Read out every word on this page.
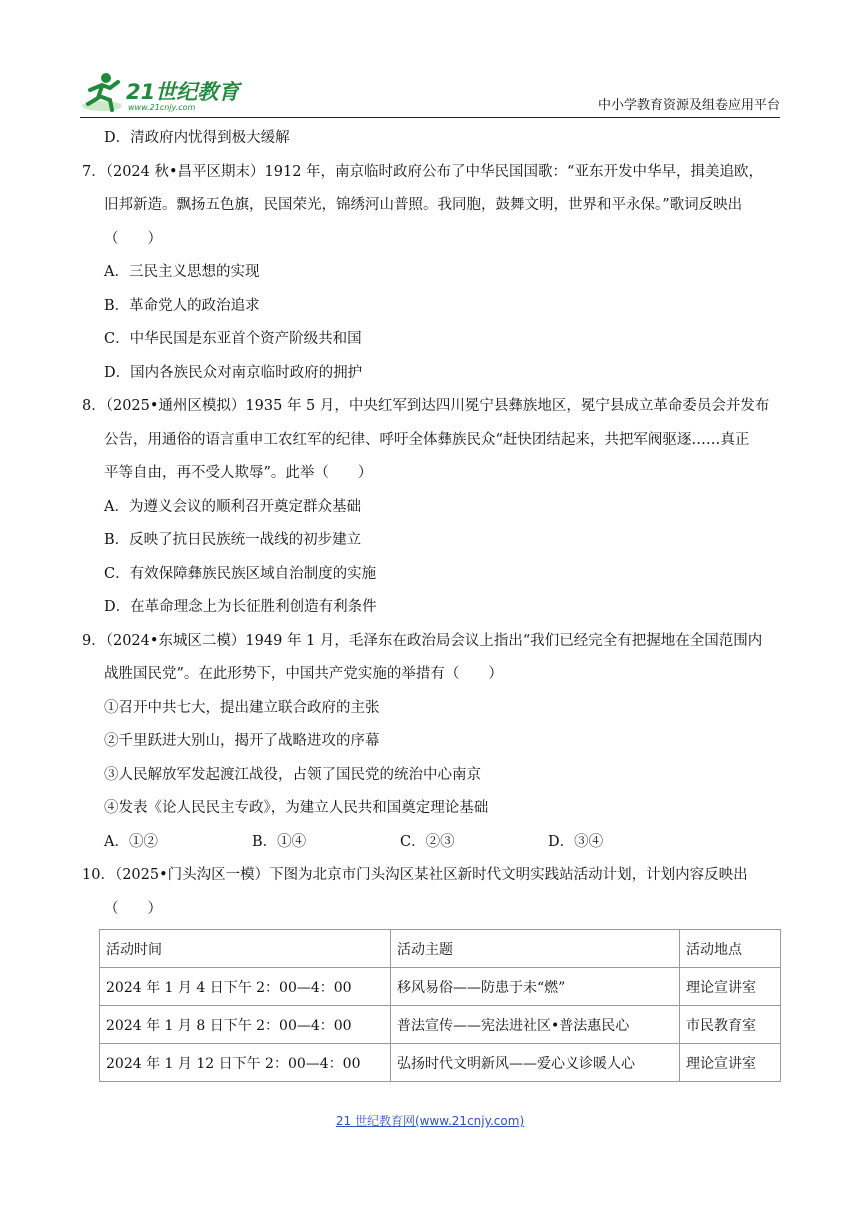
21世纪教育
www.21cnjy.com	中小学教育资源及组卷应用平台
D．清政府内忧得到极大缓解
7．（2024 秋•昌平区期末）1912 年，南京临时政府公布了中华民国国歌：“亚东开发中华早，揖美追欧，
旧邦新造。飘扬五色旗，民国荣光，锦绣河山普照。我同胞，鼓舞文明，世界和平永保。”歌词反映出
（　　）
A．三民主义思想的实现
B．革命党人的政治追求
C．中华民国是东亚首个资产阶级共和国
D．国内各族民众对南京临时政府的拥护
8．（2025•通州区模拟）1935 年 5 月，中央红军到达四川冕宁县彝族地区，冕宁县成立革命委员会并发布
公告，用通俗的语言重申工农红军的纪律、呼吁全体彝族民众“赶快团结起来，共把军阀驱逐……真正
平等自由，再不受人欺辱”。此举（　　）
A．为遵义会议的顺利召开奠定群众基础
B．反映了抗日民族统一战线的初步建立
C．有效保障彝族民族区域自治制度的实施
D．在革命理念上为长征胜利创造有利条件
9．（2024•东城区二模）1949 年 1 月，毛泽东在政治局会议上指出“我们已经完全有把握地在全国范围内
战胜国民党”。在此形势下，中国共产党实施的举措有（　　）
①召开中共七大，提出建立联合政府的主张
②千里跃进大别山，揭开了战略进攻的序幕
③人民解放军发起渡江战役，占领了国民党的统治中心南京
④发表《论人民民主专政》，为建立人民共和国奠定理论基础
A．①②	B．①④	C．②③	D．③④
10．（2025•门头沟区一模）下图为北京市门头沟区某社区新时代文明实践站活动计划，计划内容反映出
（　　）
活动时间	活动主题	活动地点
2024 年 1 月 4 日下午 2：00—4：00	移风易俗——防患于未“燃”	理论宣讲室
2024 年 1 月 8 日下午 2：00—4：00	普法宣传——宪法进社区•普法惠民心	市民教育室
2024 年 1 月 12 日下午 2：00—4：00	弘扬时代文明新风——爱心义诊暖人心	理论宣讲室
21 世纪教育网(www.21cnjy.com)
